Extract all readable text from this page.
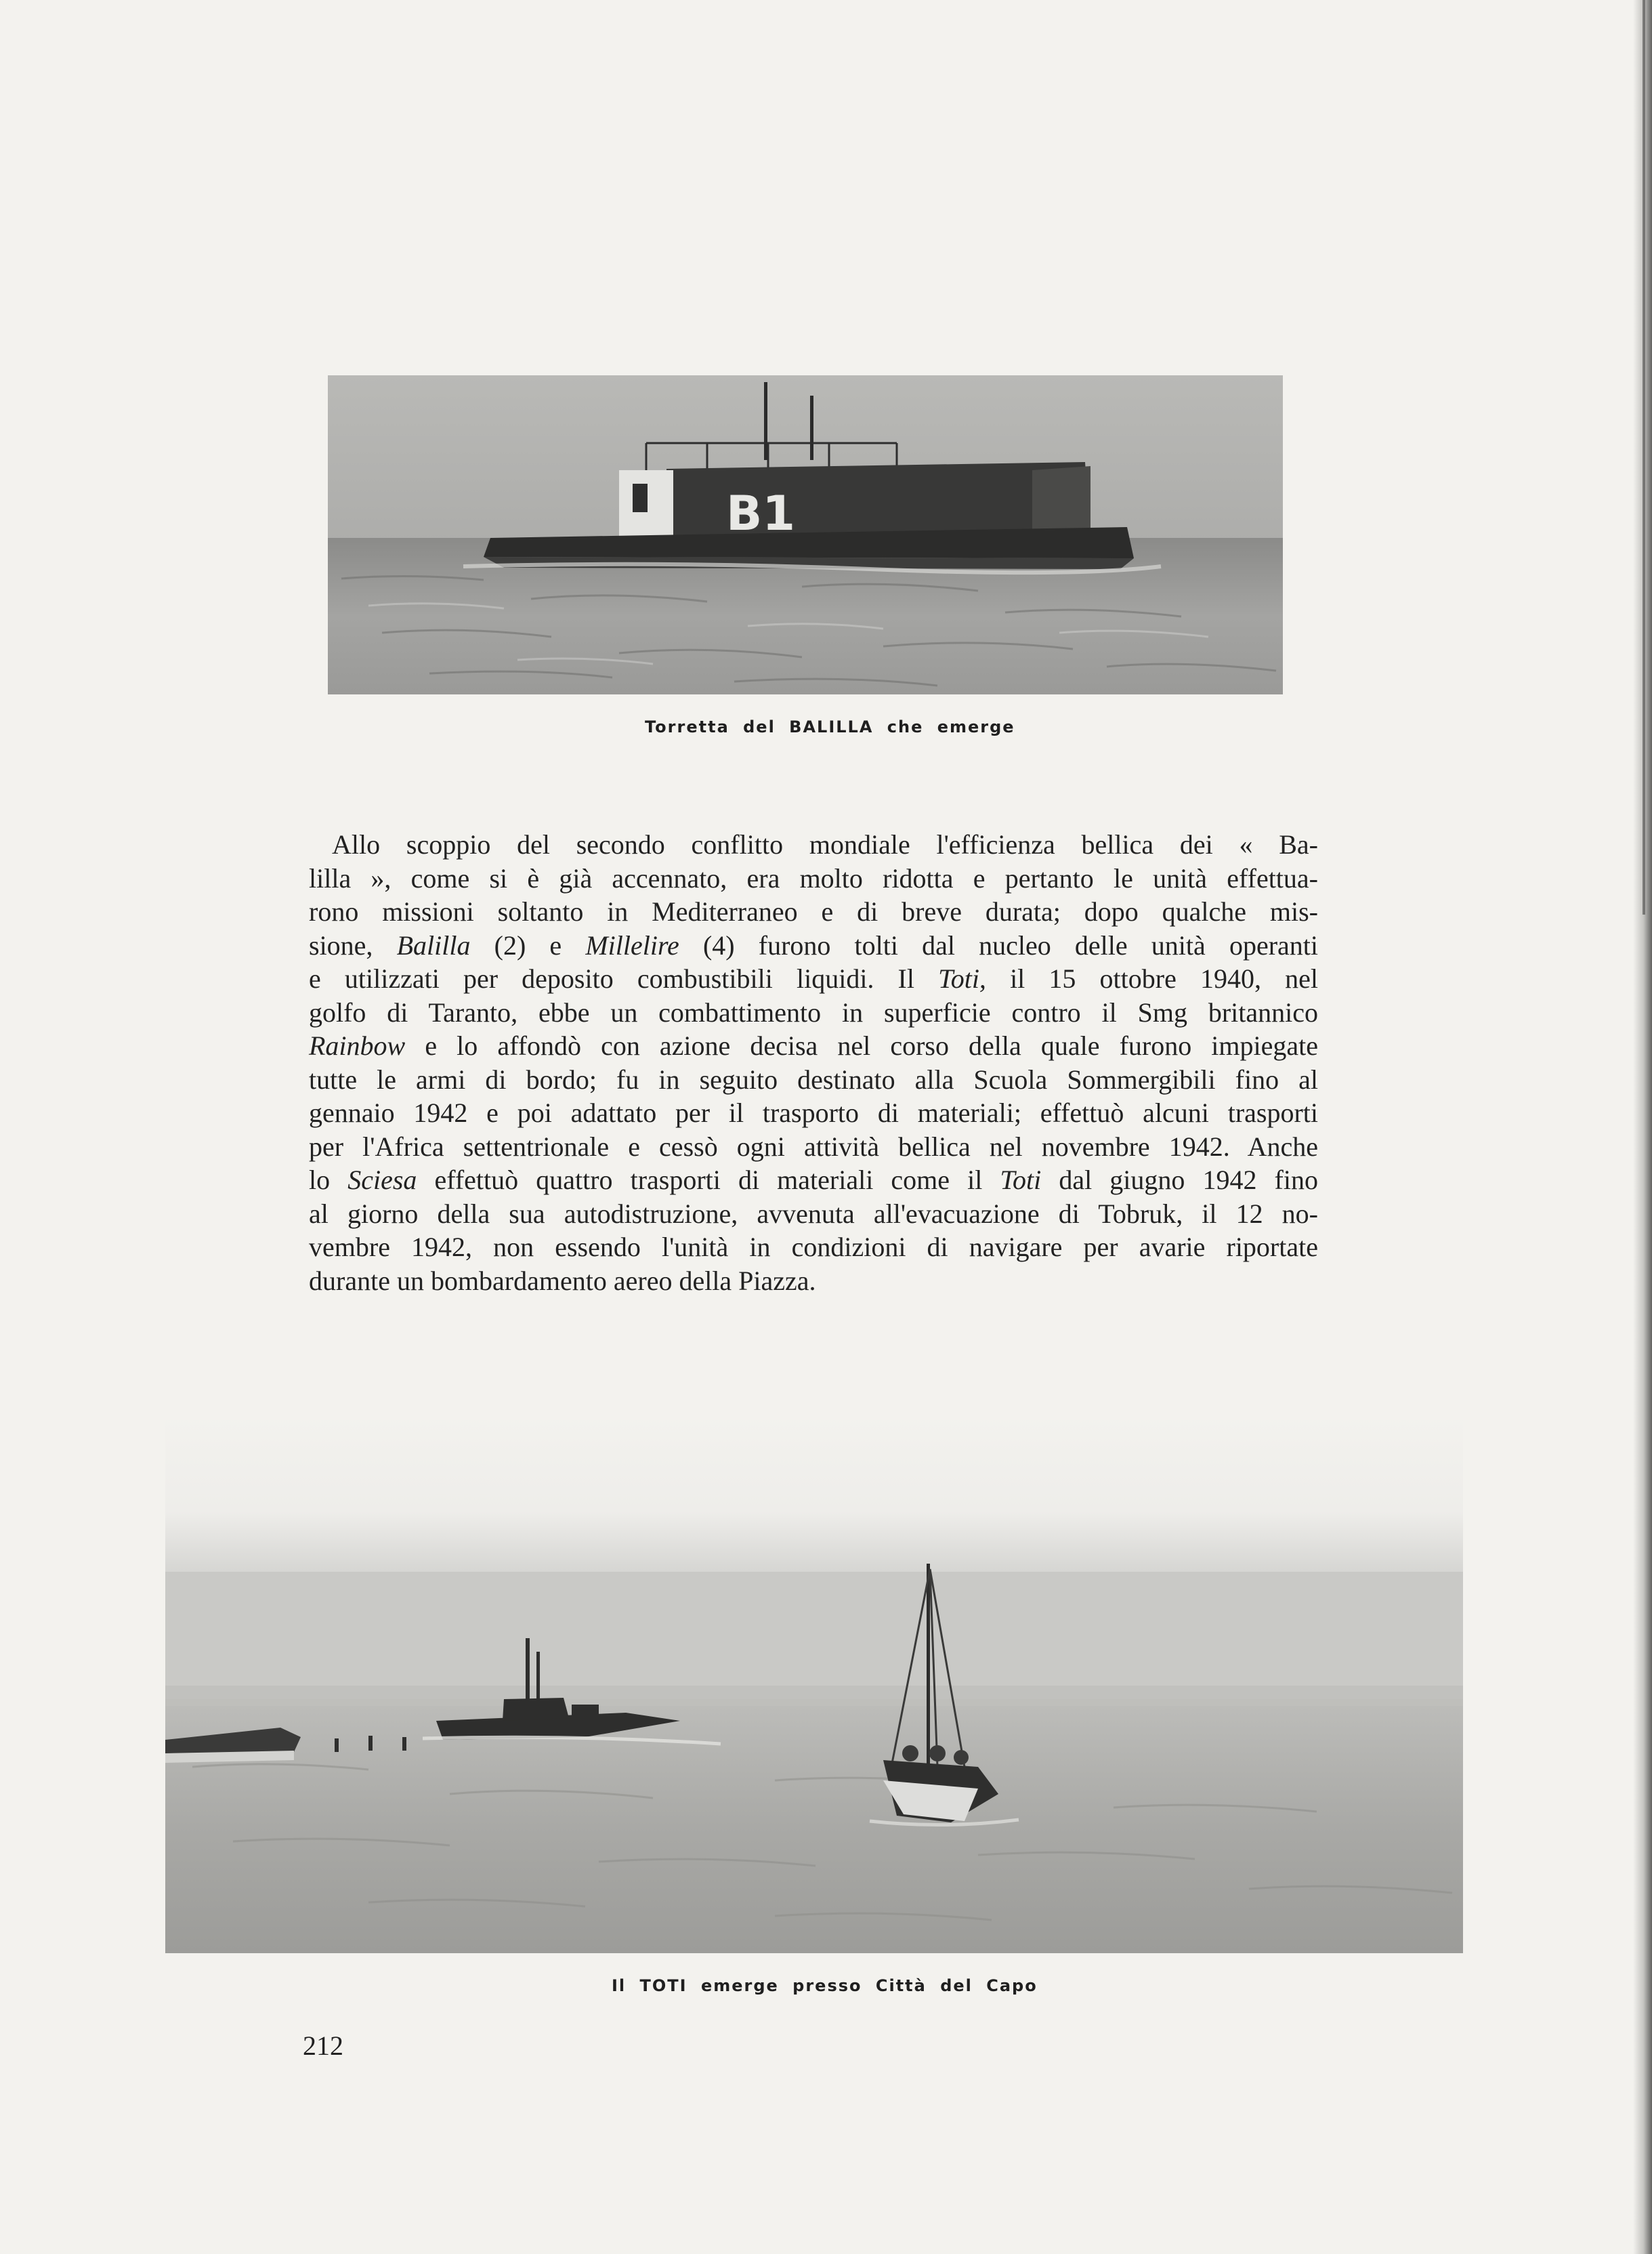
B1
Torretta del BALILLA che emerge
Allo scoppio del secondo conflitto mondiale l'efficienza bellica dei « Ba-
lilla », come si è già accennato, era molto ridotta e pertanto le unità effettua-
rono missioni soltanto in Mediterraneo e di breve durata; dopo qualche mis-
sione, Balilla (2) e Millelire (4) furono tolti dal nucleo delle unità operanti
e utilizzati per deposito combustibili liquidi. Il Toti, il 15 ottobre 1940, nel
golfo di Taranto, ebbe un combattimento in superficie contro il Smg britannico
Rainbow e lo affondò con azione decisa nel corso della quale furono impiegate
tutte le armi di bordo; fu in seguito destinato alla Scuola Sommergibili fino al
gennaio 1942 e poi adattato per il trasporto di materiali; effettuò alcuni trasporti
per l'Africa settentrionale e cessò ogni attività bellica nel novembre 1942. Anche
lo Sciesa effettuò quattro trasporti di materiali come il Toti dal giugno 1942 fino
al giorno della sua autodistruzione, avvenuta all'evacuazione di Tobruk, il 12 no-
vembre 1942, non essendo l'unità in condizioni di navigare per avarie riportate
durante un bombardamento aereo della Piazza.
Il TOTI emerge presso Città del Capo
212
